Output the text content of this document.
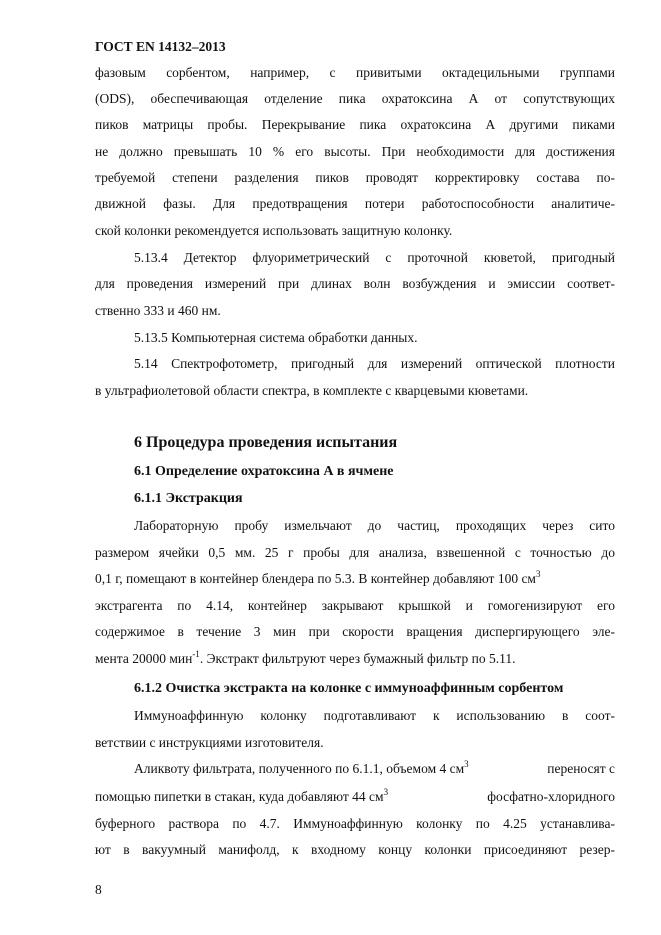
ГОСТ EN 14132–2013
фазовым сорбентом, например, с привитыми октадецильными группами
(ODS), обеспечивающая отделение пика охратоксина А от сопутствующих
пиков матрицы пробы. Перекрывание пика охратоксина А другими пиками
не должно превышать 10 % его высоты. При необходимости для достижения
требуемой степени разделения пиков проводят корректировку состава по-
движной фазы. Для предотвращения потери работоспособности аналитиче-
ской колонки рекомендуется использовать защитную колонку.
5.13.4 Детектор флуориметрический с проточной кюветой, пригодный
для проведения измерений при длинах волн возбуждения и эмиссии соответ-
ственно 333 и 460 нм.
5.13.5 Компьютерная система обработки данных.
5.14 Спектрофотометр, пригодный для измерений оптической плотности
в ультрафиолетовой области спектра, в комплекте с кварцевыми кюветами.
6 Процедура проведения испытания
6.1 Определение охратоксина А в ячмене
6.1.1 Экстракция
Лабораторную пробу измельчают до частиц, проходящих через сито
размером ячейки 0,5 мм. 25 г пробы для анализа, взвешенной с точностью до
0,1 г, помещают в контейнер блендера по 5.3. В контейнер добавляют 100 $см^3$
экстрагента по 4.14, контейнер закрывают крышкой и гомогенизируют его
содержимое в течение 3 мин при скорости вращения диспергирующего эле-
мента 20000 мин$^{-1}$. Экстракт фильтруют через бумажный фильтр по 5.11.
6.1.2 Очистка экстракта на колонке с иммуноаффинным сорбентом
Иммуноаффинную колонку подготавливают к использованию в соот-
ветствии с инструкциями изготовителя.
Аликвоту фильтрата, полученного по 6.1.1, объемом 4 $см^3$	переносят с
помощью пипетки в стакан, куда добавляют 44 $см^3$	фосфатно-хлоридного
буферного раствора по 4.7. Иммуноаффинную колонку по 4.25 устанавлива-
ют в вакуумный манифолд, к входному концу колонки присоединяют резер-
8
